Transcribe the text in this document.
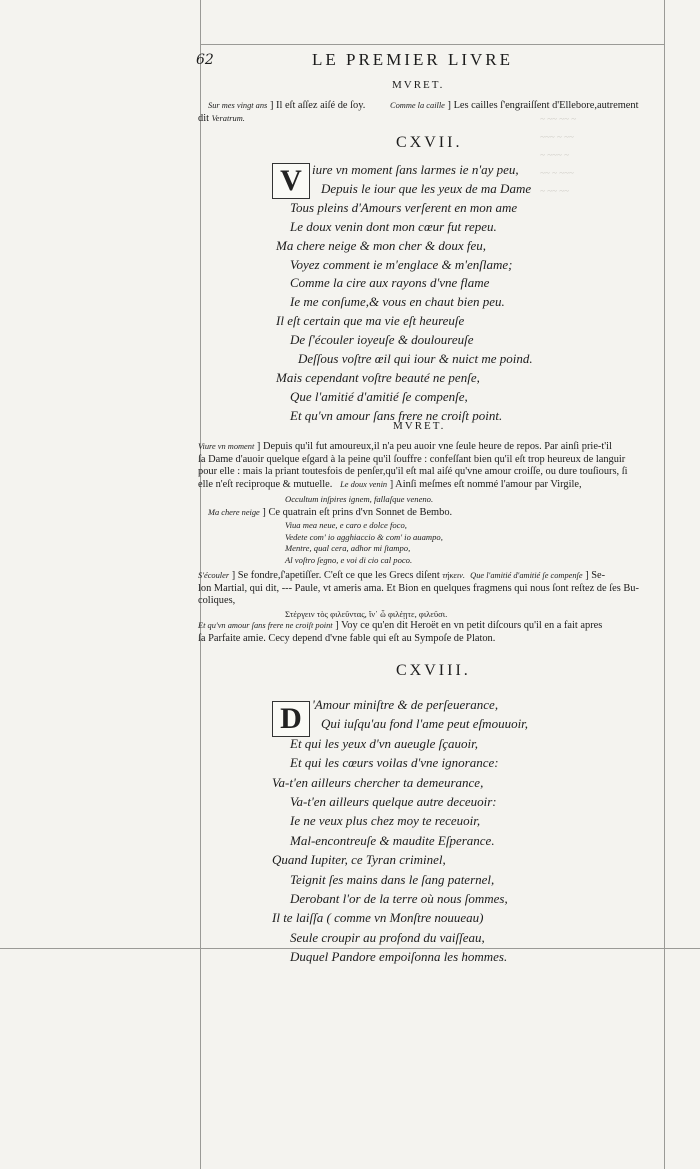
~ ~~ ~~ ~
~~~ ~ ~~
~ ~~~ ~
~~ ~ ~~~
~ ~~ ~~
62	LE PREMIER LIVRE
MVRET.
Sur mes vingt ans ] Il eſt aſſez aiſé de ſoy.	Comme la caille ] Les cailles ſ'engraiſſent d'Ellebore,autrement
dit Veratrum.
CXVII.
V iure vn moment ſans larmes ie n'ay peu,
Depuis le iour que les yeux de ma Dame
Tous pleins d'Amours verſerent en mon ame
Le doux venin dont mon cœur fut repeu.
Ma chere neige & mon cher & doux feu,
Voyez comment ie m'englace & m'enſlame;
Comme la cire aux rayons d'vne flame
Ie me conſume,& vous en chaut bien peu.
Il eſt certain que ma vie eſt heureuſe
De ſ'écouler ioyeuſe & douloureuſe
Deſſous voſtre œil qui iour & nuict me poind.
Mais cependant voſtre beauté ne penſe,
Que l'amitié d'amitié ſe compenſe,
Et qu'vn amour ſans frere ne croiſt point.
MVRET.
Viure vn moment ] Depuis qu'il fut amoureux,il n'a peu auoir vne ſeule heure de repos. Par ainſi prie-t'il
ſa Dame d'auoir quelque eſgard à la peine qu'il ſouffre : confeſſant bien qu'il eſt trop heureux de languir
pour elle : mais la priant toutesfois de penſer,qu'il eſt mal aiſé qu'vne amour croiſſe, ou dure touſiours, ſi
elle n'eſt reciproque & mutuelle. Le doux venin ] Ainſi meſmes eſt nommé l'amour par Virgile,
Occultum inſpires ignem, fallaſque veneno.
Ma chere neige ] Ce quatrain eſt prins d'vn Sonnet de Bembo.
Viua mea neue, e caro e dolce foco,
Vedete com' io agghiaccio & com' io auampo,
Mentre, qual cera, adhor mi ſtampo,
Al voſtro ſegno, e voi di cio cal poco.
S'écouler ] Se fondre,ſ'apetiſſer. C'eſt ce que les Grecs diſent τήκειν. Que l'amitié d'amitié ſe compenſe ] Se-
lon Martial, qui dit, --- Paule, vt ameris ama. Et Bion en quelques fragmens qui nous ſont reſtez de ſes Bu-
coliques,
Στέργειν τὸς φιλεῦντας, ἵν᾽ ὦ φιλέῃτε, φιλεῦσι.
Et qu'vn amour ſans frere ne croiſt point ] Voy ce qu'en dit Heroët en vn petit diſcours qu'il en a fait apres
ſa Parfaite amie. Cecy depend d'vne fable qui eſt au Sympoſe de Platon.
CXVIII.
D 'Amour miniſtre & de perſeuerance,
Qui iuſqu'au fond l'ame peut eſmouuoir,
Et qui les yeux d'vn aueugle ſçauoir,
Et qui les cœurs voilas d'vne ignorance:
Va-t'en ailleurs chercher ta demeurance,
Va-t'en ailleurs quelque autre deceuoir:
Ie ne veux plus chez moy te receuoir,
Mal-encontreuſe & maudite Eſperance.
Quand Iupiter, ce Tyran criminel,
Teignit ſes mains dans le ſang paternel,
Derobant l'or de la terre où nous ſommes,
Il te laiſſa ( comme vn Monſtre nouueau)
Seule croupir au profond du vaiſſeau,
Duquel Pandore empoiſonna les hommes.
